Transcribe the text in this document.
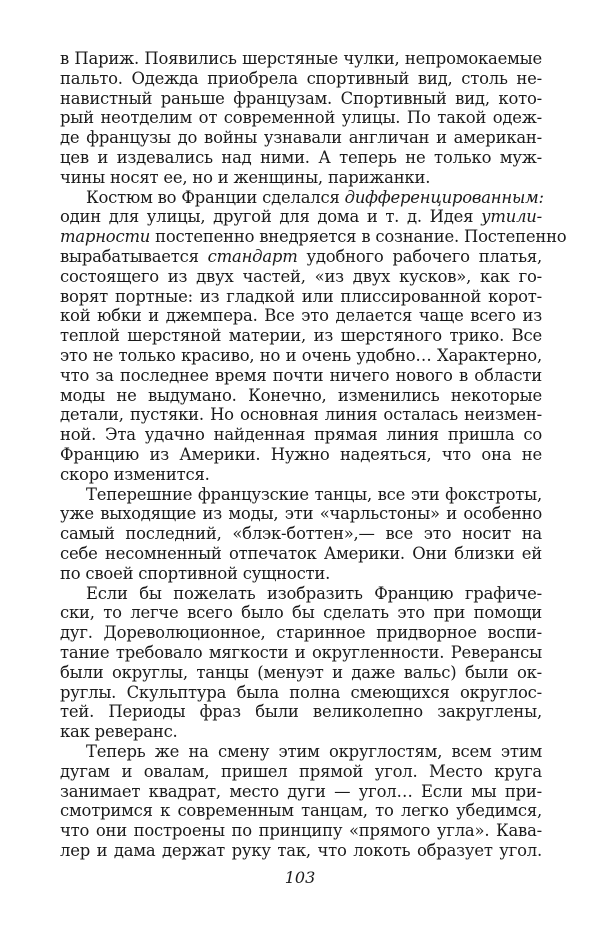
в Париж. Появились шерстяные чулки, непромокаемые
пальто. Одежда приобрела спортивный вид, столь не-
навистный раньше французам. Спортивный вид, кото-
рый неотделим от современной улицы. По такой одеж-
де французы до войны узнавали англичан и американ-
цев и издевались над ними. А теперь не только муж-
чины носят ее, но и женщины, парижанки.
Костюм во Франции сделался дифференцированным:
один для улицы, другой для дома и т. д. Идея утили-
тарности постепенно внедряется в сознание. Постепенно
вырабатывается стандарт удобного рабочего платья,
состоящего из двух частей, «из двух кусков», как го-
ворят портные: из гладкой или плиссированной корот-
кой юбки и джемпера. Все это делается чаще всего из
теплой шерстяной материи, из шерстяного трико. Все
это не только красиво, но и очень удобно… Характерно,
что за последнее время почти ничего нового в области
моды не выдумано. Конечно, изменились некоторые
детали, пустяки. Но основная линия осталась неизмен-
ной. Эта удачно найденная прямая линия пришла со
Францию из Америки. Нужно надеяться, что она не
скоро изменится.
Теперешние французские танцы, все эти фокстроты,
уже выходящие из моды, эти «чарльстоны» и особенно
самый последний, «блэк-боттен»,— все это носит на
себе несомненный отпечаток Америки. Они близки ей
по своей спортивной сущности.
Если бы пожелать изобразить Францию графиче-
ски, то легче всего было бы сделать это при помощи
дуг. Дореволюционное, старинное придворное воспи-
тание требовало мягкости и округленности. Реверансы
были округлы, танцы (менуэт и даже вальс) были ок-
руглы. Скульптура была полна смеющихся округлос-
тей. Периоды фраз были великолепно закруглены,
как реверанс.
Теперь же на смену этим округлостям, всем этим
дугам и овалам, пришел прямой угол. Место круга
занимает квадрат, место дуги — угол… Если мы при-
смотримся к современным танцам, то легко убедимся,
что они построены по принципу «прямого угла». Кава-
лер и дама держат руку так, что локоть образует угол.
103
